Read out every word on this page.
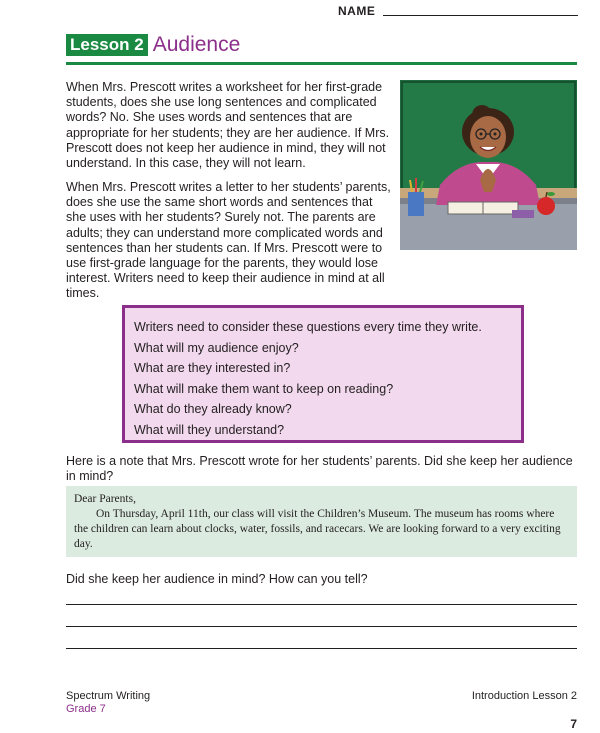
NAME
Lesson 2 Audience

When Mrs. Prescott writes a worksheet for her first-grade students, does she use long sentences and complicated words? No. She uses words and sentences that are appropriate for her students; they are her audience. If Mrs. Prescott does not keep her audience in mind, they will not understand. In this case, they will not learn.

When Mrs. Prescott writes a letter to her students’ parents, does she use the same short words and sentences that she uses with her students? Surely not. The parents are adults; they can understand more complicated words and sentences than her students can. If Mrs. Prescott were to use first-grade language for the parents, they would lose interest. Writers need to keep their audience in mind at all times.

Writers need to consider these questions every time they write.
What will my audience enjoy?
What are they interested in?
What will make them want to keep on reading?
What do they already know?
What will they understand?

Here is a note that Mrs. Prescott wrote for her students’ parents. Did she keep her audience in mind?

Dear Parents,
On Thursday, April 11th, our class will visit the Children’s Museum. The museum has rooms where the children can learn about clocks, water, fossils, and racecars. We are looking forward to a very exciting day.

Did she keep her audience in mind? How can you tell?

Spectrum Writing
Grade 7
Introduction Lesson 2
7
